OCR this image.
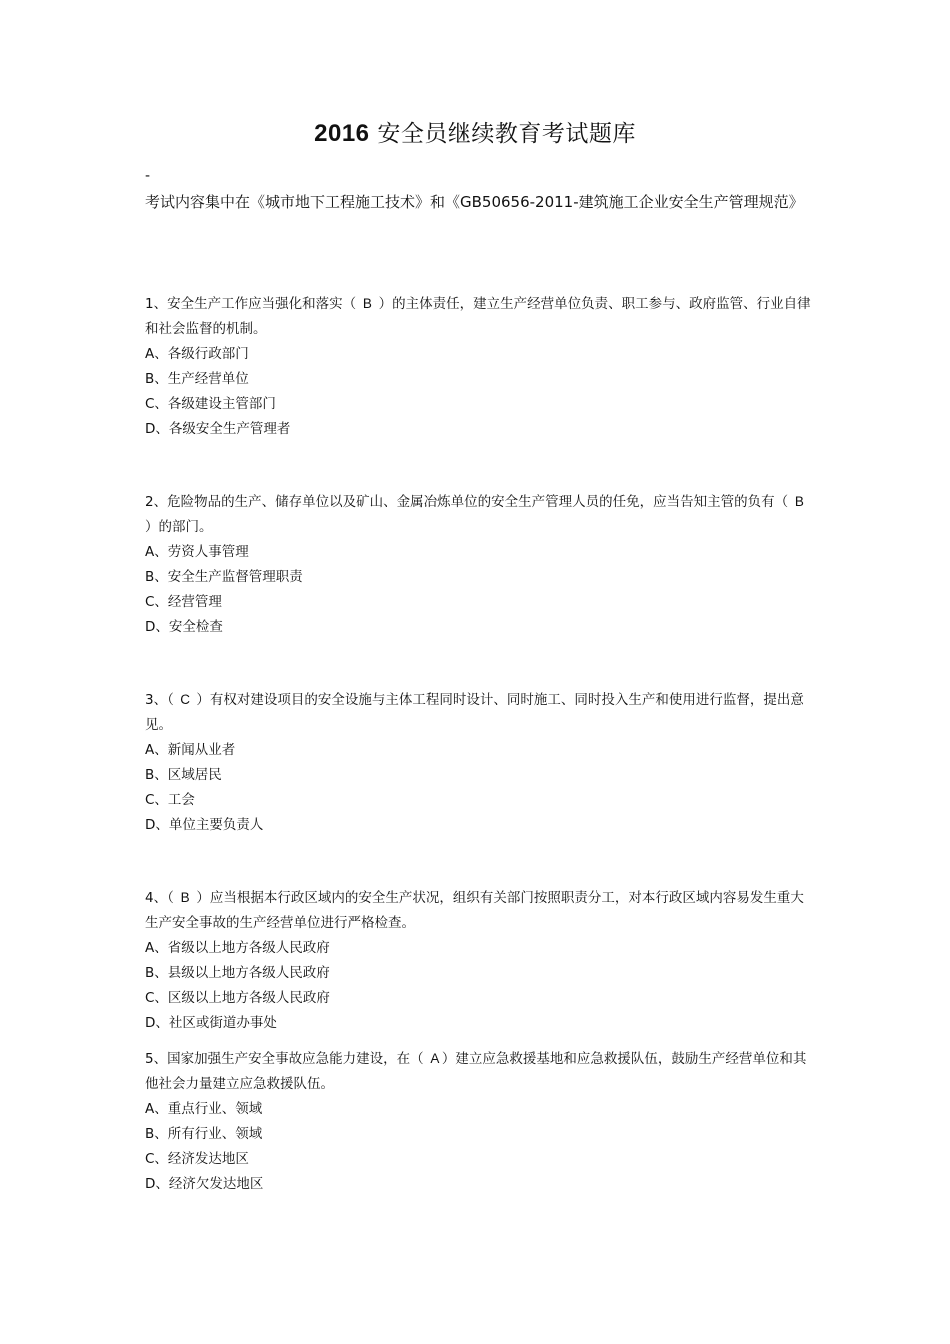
2016 安全员继续教育考试题库
-
考试内容集中在《城市地下工程施工技术》和《GB50656-2011-建筑施工企业安全生产管理规范》

1、安全生产工作应当强化和落实（ B ）的主体责任，建立生产经营单位负责、职工参与、政府监管、行业自律和社会监督的机制。

A、各级行政部门

B、生产经营单位

C、各级建设主管部门

D、各级安全生产管理者

2、危险物品的生产、储存单位以及矿山、金属冶炼单位的安全生产管理人员的任免，应当告知主管的负有（ B ）的部门。

A、劳资人事管理

B、安全生产监督管理职责

C、经营管理

D、安全检查

3、（ C ）有权对建设项目的安全设施与主体工程同时设计、同时施工、同时投入生产和使用进行监督，提出意见。

A、新闻从业者

B、区域居民

C、工会

D、单位主要负责人

4、（ B ）应当根据本行政区域内的安全生产状况，组织有关部门按照职责分工，对本行政区域内容易发生重大生产安全事故的生产经营单位进行严格检查。

A、省级以上地方各级人民政府

B、县级以上地方各级人民政府

C、区级以上地方各级人民政府

D、社区或街道办事处

5、国家加强生产安全事故应急能力建设，在（ A ）建立应急救援基地和应急救援队伍，鼓励生产经营单位和其他社会力量建立应急救援队伍。

A、重点行业、领域

B、所有行业、领域

C、经济发达地区

D、经济欠发达地区
